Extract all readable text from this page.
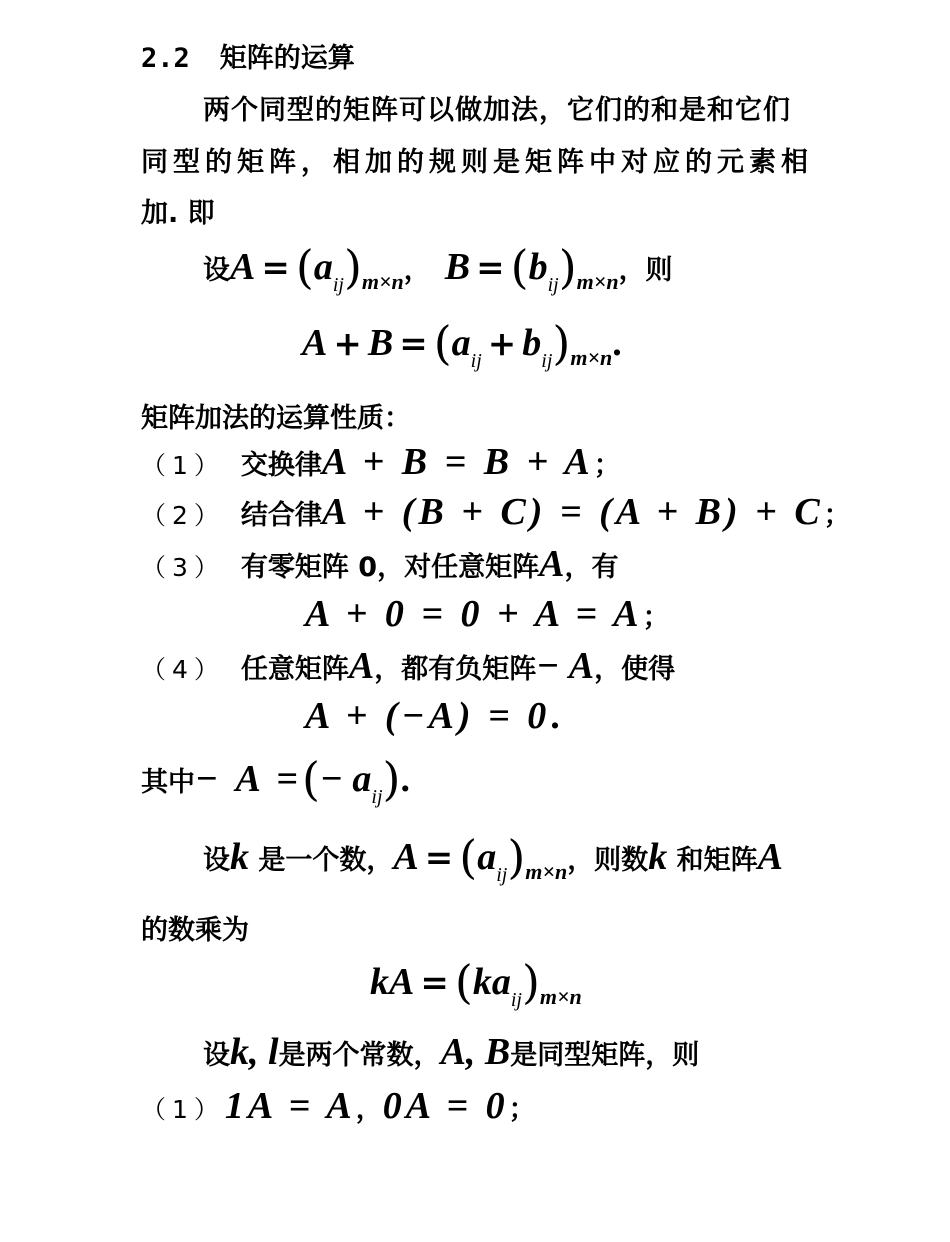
2.2 矩阵的运算
两个同型的矩阵可以做加法，它们的和是和它们
同型的矩阵，相加的规则是矩阵中对应的元素相
加. 即
设A = (aij)m×n， B = (bij)m×n，则
A + B = (aij + bij)m×n.
矩阵加法的运算性质：
（1） 交换律A + B = B + A；
（2） 结合律A + (B + C) = (A + B) + C；
（3） 有零矩阵 0，对任意矩阵A，有
A + 0 = 0 + A = A；
（4） 任意矩阵A，都有负矩阵− A，使得
A + (−A) = 0.
其中− A =(− aij).
设k 是一个数，A = (aij)m×n，则数k 和矩阵A
的数乘为
kA = (kaij)m×n
设k, l是两个常数，A, B是同型矩阵，则
（1）1A = A，0A = 0；
